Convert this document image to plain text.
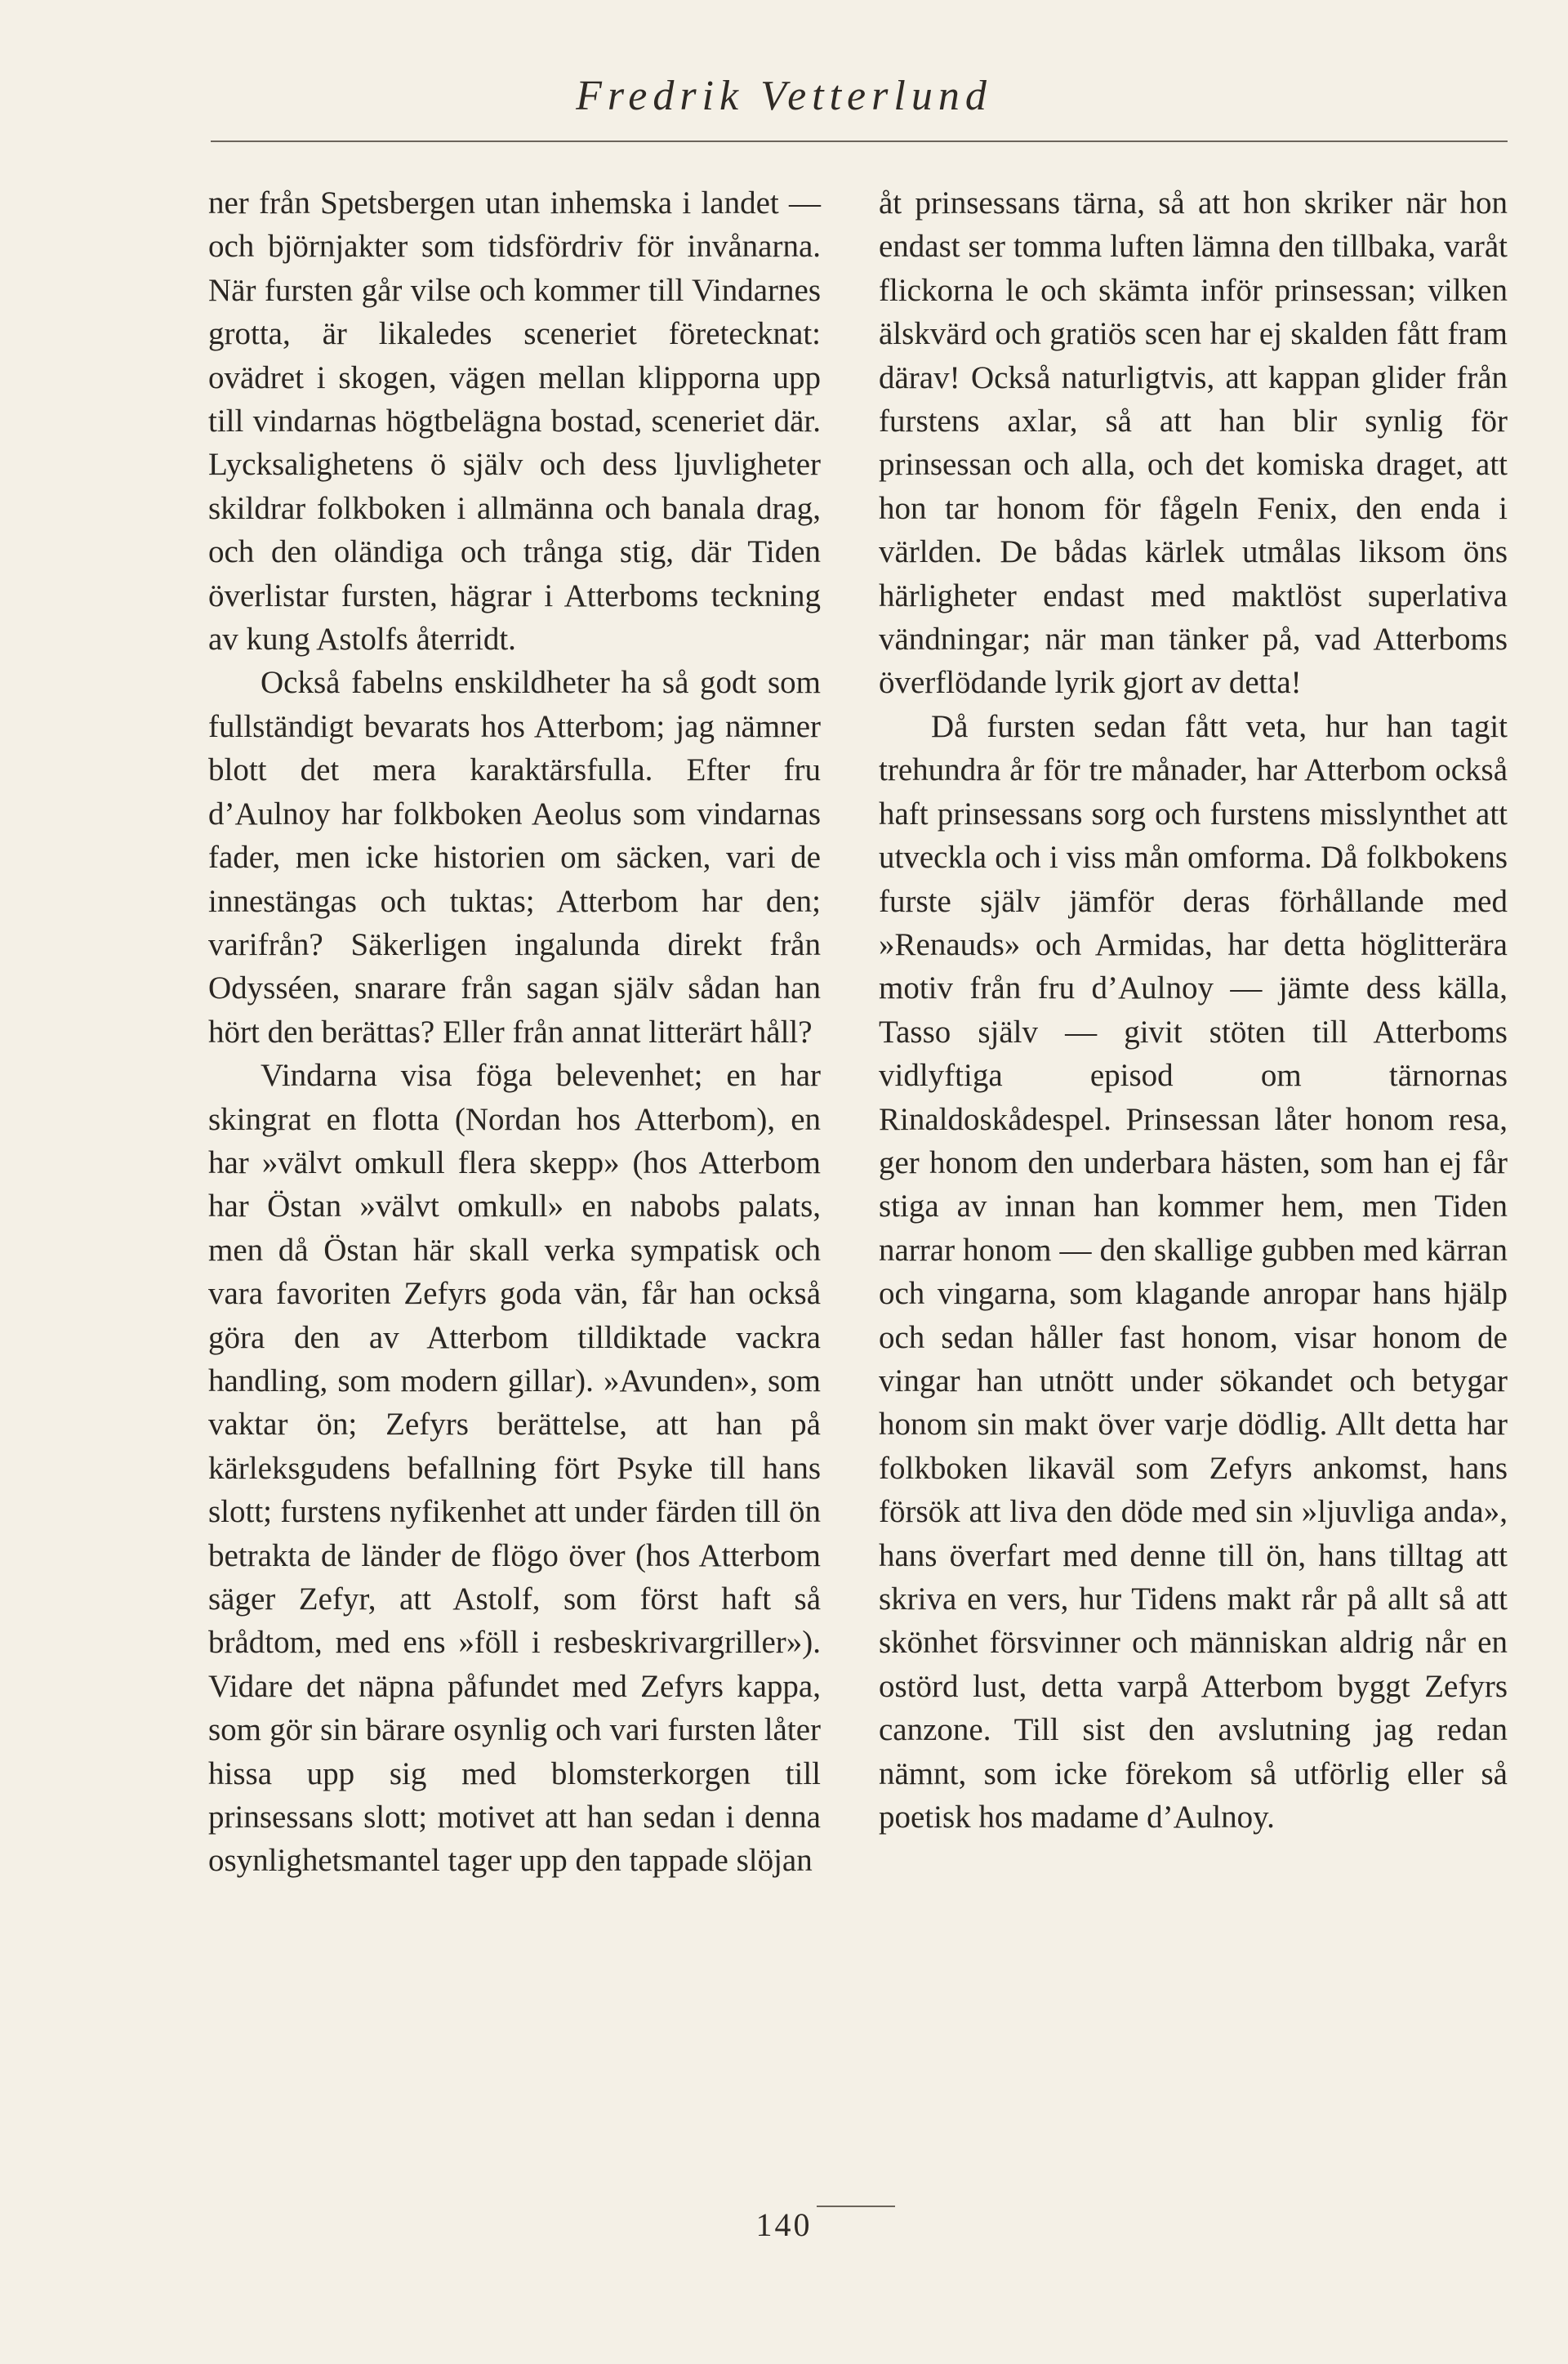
Fredrik Vetterlund

ner från Spetsbergen utan inhemska i landet — och björnjakter som tidsfördriv för invånarna. När fursten går vilse och kommer till Vindarnes grotta, är likaledes sceneriet företecknat: ovädret i skogen, vägen mellan klipporna upp till vindarnas högtbelägna bostad, sceneriet där. Lycksalighetens ö själv och dess ljuvligheter skildrar folkboken i allmänna och banala drag, och den oländiga och trånga stig, där Tiden överlistar fursten, hägrar i Atterboms teckning av kung Astolfs återridt.

Också fabelns enskildheter ha så godt som fullständigt bevarats hos Atterbom; jag nämner blott det mera karaktärsfulla. Efter fru d’Aulnoy har folkboken Aeolus som vindarnas fader, men icke historien om säcken, vari de innestängas och tuktas; Atterbom har den; varifrån? Säkerligen ingalunda direkt från Odysséen, snarare från sagan själv sådan han hört den berättas? Eller från annat litterärt håll?

Vindarna visa föga belevenhet; en har skingrat en flotta (Nordan hos Atterbom), en har »välvt omkull flera skepp» (hos Atterbom har Östan »välvt omkull» en nabobs palats, men då Östan här skall verka sympatisk och vara favoriten Zefyrs goda vän, får han också göra den av Atterbom tilldiktade vackra handling, som modern gillar). »Avunden», som vaktar ön; Zefyrs berättelse, att han på kärleksgudens befallning fört Psyke till hans slott; furstens nyfikenhet att under färden till ön betrakta de länder de flögo över (hos Atterbom säger Zefyr, att Astolf, som först haft så brådtom, med ens »föll i resbeskrivargriller»). Vidare det näpna påfundet med Zefyrs kappa, som gör sin bärare osynlig och vari fursten låter hissa upp sig med blomsterkorgen till prinsessans slott; motivet att han sedan i denna osynlighetsmantel tager upp den tappade slöjan

åt prinsessans tärna, så att hon skriker när hon endast ser tomma luften lämna den tillbaka, varåt flickorna le och skämta inför prinsessan; vilken älskvärd och gratiös scen har ej skalden fått fram därav! Också naturligtvis, att kappan glider från furstens axlar, så att han blir synlig för prinsessan och alla, och det komiska draget, att hon tar honom för fågeln Fenix, den enda i världen. De bådas kärlek utmålas liksom öns härligheter endast med maktlöst superlativa vändningar; när man tänker på, vad Atterboms överflödande lyrik gjort av detta!

Då fursten sedan fått veta, hur han tagit trehundra år för tre månader, har Atterbom också haft prinsessans sorg och furstens misslynthet att utveckla och i viss mån omforma. Då folkbokens furste själv jämför deras förhållande med »Renauds» och Armidas, har detta höglitterära motiv från fru d’Aulnoy — jämte dess källa, Tasso själv — givit stöten till Atterboms vidlyftiga episod om tärnornas Rinaldoskådespel. Prinsessan låter honom resa, ger honom den underbara hästen, som han ej får stiga av innan han kommer hem, men Tiden narrar honom — den skallige gubben med kärran och vingarna, som klagande anropar hans hjälp och sedan håller fast honom, visar honom de vingar han utnött under sökandet och betygar honom sin makt över varje dödlig. Allt detta har folkboken likaväl som Zefyrs ankomst, hans försök att liva den döde med sin »ljuvliga anda», hans överfart med denne till ön, hans tilltag att skriva en vers, hur Tidens makt rår på allt så att skönhet försvinner och människan aldrig når en ostörd lust, detta varpå Atterbom byggt Zefyrs canzone. Till sist den avslutning jag redan nämnt, som icke förekom så utförlig eller så poetisk hos madame d’Aulnoy.

140
